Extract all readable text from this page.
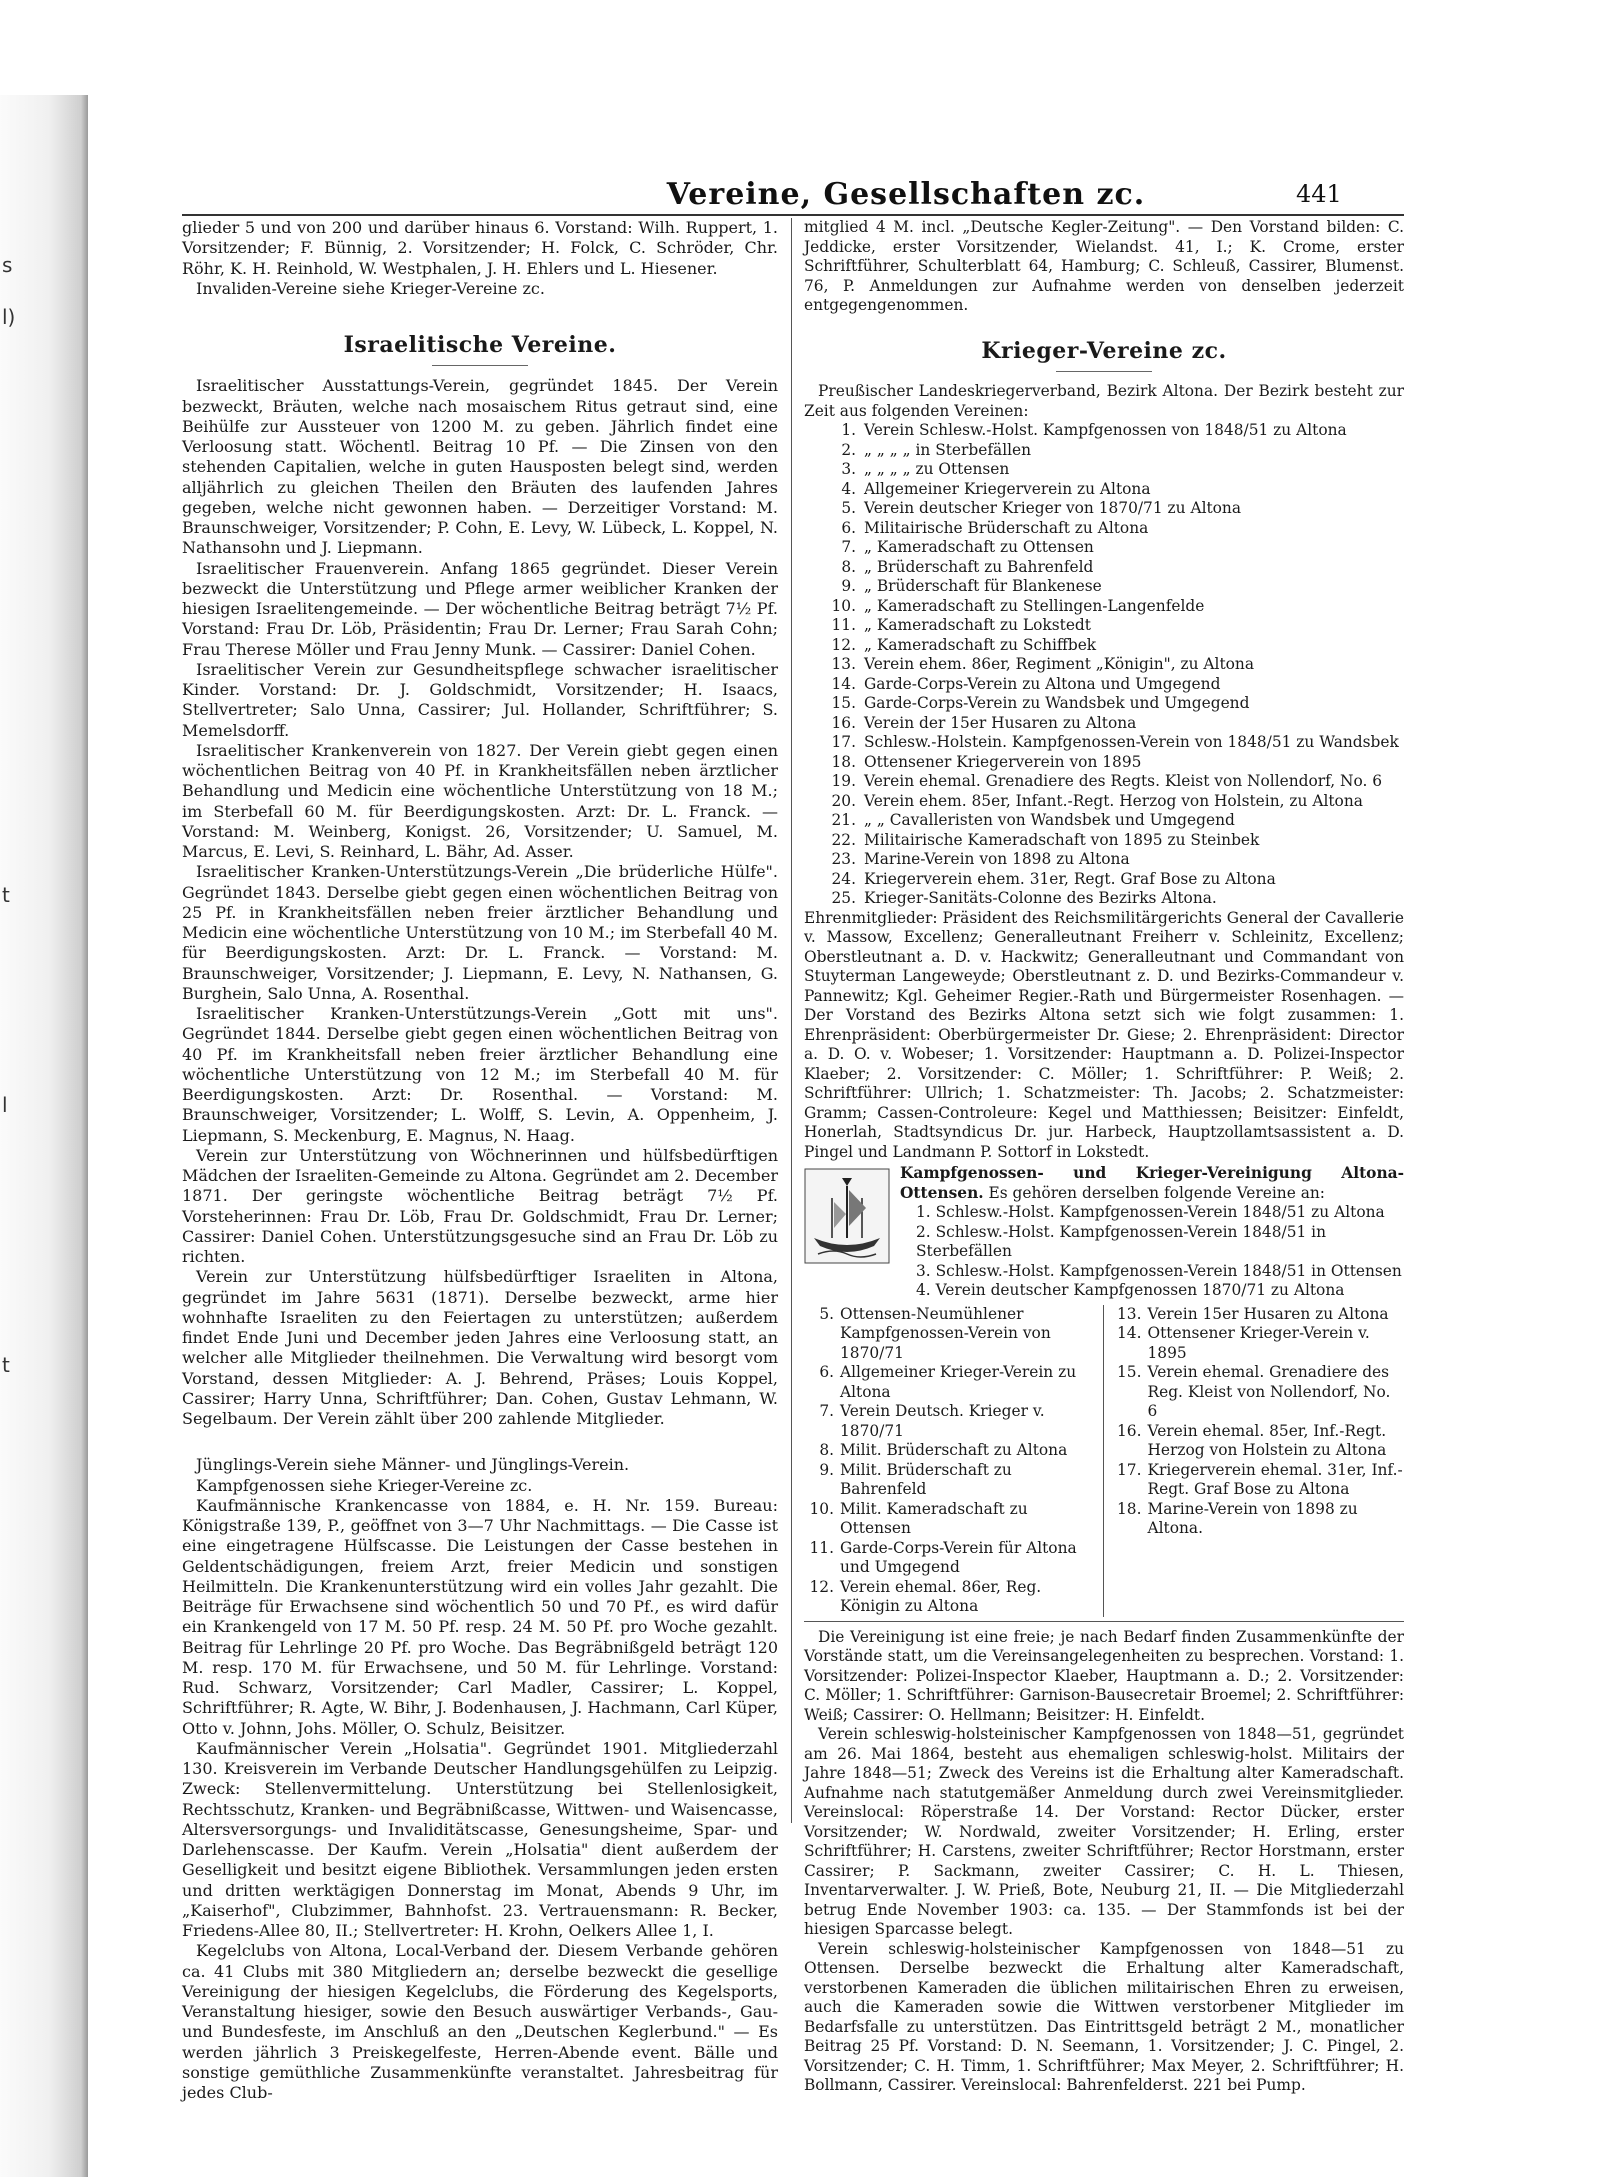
s
l)
t
l
t
Vereine, Gesellschaften zc.	441

glieder 5 und von 200 und darüber hinaus 6. Vorstand: Wilh. Ruppert, 1. Vorsitzender; F. Bünnig, 2. Vorsitzender; H. Folck, C. Schröder, Chr. Röhr, K. H. Reinhold, W. Westphalen, J. H. Ehlers und L. Hiesener.

Invaliden-Vereine siehe Krieger-Vereine zc.

Israelitische Vereine.

Israelitischer Ausstattungs-Verein, gegründet 1845. Der Verein bezweckt, Bräuten, welche nach mosaischem Ritus getraut sind, eine Beihülfe zur Aussteuer von 1200 M. zu geben. Jährlich findet eine Verloosung statt. Wöchentl. Beitrag 10 Pf. — Die Zinsen von den stehenden Capitalien, welche in guten Hausposten belegt sind, werden alljährlich zu gleichen Theilen den Bräuten des laufenden Jahres gegeben, welche nicht gewonnen haben. — Derzeitiger Vorstand: M. Braunschweiger, Vorsitzender; P. Cohn, E. Levy, W. Lübeck, L. Koppel, N. Nathansohn und J. Liepmann.

Israelitischer Frauenverein. Anfang 1865 gegründet. Dieser Verein bezweckt die Unterstützung und Pflege armer weiblicher Kranken der hiesigen Israelitengemeinde. — Der wöchentliche Beitrag beträgt 7½ Pf. Vorstand: Frau Dr. Löb, Präsidentin; Frau Dr. Lerner; Frau Sarah Cohn; Frau Therese Möller und Frau Jenny Munk. — Cassirer: Daniel Cohen.

Israelitischer Verein zur Gesundheitspflege schwacher israelitischer Kinder. Vorstand: Dr. J. Goldschmidt, Vorsitzender; H. Isaacs, Stellvertreter; Salo Unna, Cassirer; Jul. Hollander, Schriftführer; S. Memelsdorff.

Israelitischer Krankenverein von 1827. Der Verein giebt gegen einen wöchentlichen Beitrag von 40 Pf. in Krankheitsfällen neben ärztlicher Behandlung und Medicin eine wöchentliche Unterstützung von 18 M.; im Sterbefall 60 M. für Beerdigungskosten. Arzt: Dr. L. Franck. — Vorstand: M. Weinberg, Konigst. 26, Vorsitzender; U. Samuel, M. Marcus, E. Levi, S. Reinhard, L. Bähr, Ad. Asser.

Israelitischer Kranken-Unterstützungs-Verein „Die brüderliche Hülfe". Gegründet 1843. Derselbe giebt gegen einen wöchentlichen Beitrag von 25 Pf. in Krankheitsfällen neben freier ärztlicher Behandlung und Medicin eine wöchentliche Unterstützung von 10 M.; im Sterbefall 40 M. für Beerdigungskosten. Arzt: Dr. L. Franck. — Vorstand: M. Braunschweiger, Vorsitzender; J. Liepmann, E. Levy, N. Nathansen, G. Burghein, Salo Unna, A. Rosenthal.

Israelitischer Kranken-Unterstützungs-Verein „Gott mit uns". Gegründet 1844. Derselbe giebt gegen einen wöchentlichen Beitrag von 40 Pf. im Krankheitsfall neben freier ärztlicher Behandlung eine wöchentliche Unterstützung von 12 M.; im Sterbefall 40 M. für Beerdigungskosten. Arzt: Dr. Rosenthal. — Vorstand: M. Braunschweiger, Vorsitzender; L. Wolff, S. Levin, A. Oppenheim, J. Liepmann, S. Meckenburg, E. Magnus, N. Haag.

Verein zur Unterstützung von Wöchnerinnen und hülfsbedürftigen Mädchen der Israeliten-Gemeinde zu Altona. Gegründet am 2. December 1871. Der geringste wöchentliche Beitrag beträgt 7½ Pf. Vorsteherinnen: Frau Dr. Löb, Frau Dr. Goldschmidt, Frau Dr. Lerner; Cassirer: Daniel Cohen. Unterstützungsgesuche sind an Frau Dr. Löb zu richten.

Verein zur Unterstützung hülfsbedürftiger Israeliten in Altona, gegründet im Jahre 5631 (1871). Derselbe bezweckt, arme hier wohnhafte Israeliten zu den Feiertagen zu unterstützen; außerdem findet Ende Juni und December jeden Jahres eine Verloosung statt, an welcher alle Mitglieder theilnehmen. Die Verwaltung wird besorgt vom Vorstand, dessen Mitglieder: A. J. Behrend, Präses; Louis Koppel, Cassirer; Harry Unna, Schriftführer; Dan. Cohen, Gustav Lehmann, W. Segelbaum. Der Verein zählt über 200 zahlende Mitglieder.

Jünglings-Verein siehe Männer- und Jünglings-Verein.

Kampfgenossen siehe Krieger-Vereine zc.

Kaufmännische Krankencasse von 1884, e. H. Nr. 159. Bureau: Königstraße 139, P., geöffnet von 3—7 Uhr Nachmittags. — Die Casse ist eine eingetragene Hülfscasse. Die Leistungen der Casse bestehen in Geldentschädigungen, freiem Arzt, freier Medicin und sonstigen Heilmitteln. Die Krankenunterstützung wird ein volles Jahr gezahlt. Die Beiträge für Erwachsene sind wöchentlich 50 und 70 Pf., es wird dafür ein Krankengeld von 17 M. 50 Pf. resp. 24 M. 50 Pf. pro Woche gezahlt. Beitrag für Lehrlinge 20 Pf. pro Woche. Das Begräbnißgeld beträgt 120 M. resp. 170 M. für Erwachsene, und 50 M. für Lehrlinge. Vorstand: Rud. Schwarz, Vorsitzender; Carl Madler, Cassirer; L. Koppel, Schriftführer; R. Agte, W. Bihr, J. Bodenhausen, J. Hachmann, Carl Küper, Otto v. Johnn, Johs. Möller, O. Schulz, Beisitzer.

Kaufmännischer Verein „Holsatia". Gegründet 1901. Mitgliederzahl 130. Kreisverein im Verbande Deutscher Handlungsgehülfen zu Leipzig. Zweck: Stellenvermittelung. Unterstützung bei Stellenlosigkeit, Rechtsschutz, Kranken- und Begräbnißcasse, Wittwen- und Waisencasse, Altersversorgungs- und Invaliditätscasse, Genesungsheime, Spar- und Darlehenscasse. Der Kaufm. Verein „Holsatia" dient außerdem der Geselligkeit und besitzt eigene Bibliothek. Versammlungen jeden ersten und dritten werktägigen Donnerstag im Monat, Abends 9 Uhr, im „Kaiserhof", Clubzimmer, Bahnhofst. 23. Vertrauensmann: R. Becker, Friedens-Allee 80, II.; Stellvertreter: H. Krohn, Oelkers Allee 1, I.

Kegelclubs von Altona, Local-Verband der. Diesem Verbande gehören ca. 41 Clubs mit 380 Mitgliedern an; derselbe bezweckt die gesellige Vereinigung der hiesigen Kegelclubs, die Förderung des Kegelsports, Veranstaltung hiesiger, sowie den Besuch auswärtiger Verbands-, Gau- und Bundesfeste, im Anschluß an den „Deutschen Keglerbund." — Es werden jährlich 3 Preiskegelfeste, Herren-Abende event. Bälle und sonstige gemüthliche Zusammenkünfte veranstaltet. Jahresbeitrag für jedes Club-

mitglied 4 M. incl. „Deutsche Kegler-Zeitung". — Den Vorstand bilden: C. Jeddicke, erster Vorsitzender, Wielandst. 41, I.; K. Crome, erster Schriftführer, Schulterblatt 64, Hamburg; C. Schleuß, Cassirer, Blumenst. 76, P. Anmeldungen zur Aufnahme werden von denselben jederzeit entgegengenommen.

Krieger-Vereine zc.

Preußischer Landeskriegerverband, Bezirk Altona. Der Bezirk besteht zur Zeit aus folgenden Vereinen:

1. Verein Schlesw.-Holst. Kampfgenossen von 1848/51 zu Altona
2. „ „ „ „ in Sterbefällen
3. „ „ „ „ zu Ottensen
4. Allgemeiner Kriegerverein zu Altona
5. Verein deutscher Krieger von 1870/71 zu Altona
6. Militairische Brüderschaft zu Altona
7. „ Kameradschaft zu Ottensen
8. „ Brüderschaft zu Bahrenfeld
9. „ Brüderschaft für Blankenese
10. „ Kameradschaft zu Stellingen-Langenfelde
11. „ Kameradschaft zu Lokstedt
12. „ Kameradschaft zu Schiffbek
13. Verein ehem. 86er, Regiment „Königin", zu Altona
14. Garde-Corps-Verein zu Altona und Umgegend
15. Garde-Corps-Verein zu Wandsbek und Umgegend
16. Verein der 15er Husaren zu Altona
17. Schlesw.-Holstein. Kampfgenossen-Verein von 1848/51 zu Wandsbek
18. Ottensener Kriegerverein von 1895
19. Verein ehemal. Grenadiere des Regts. Kleist von Nollendorf, No. 6
20. Verein ehem. 85er, Infant.-Regt. Herzog von Holstein, zu Altona
21. „ „ Cavalleristen von Wandsbek und Umgegend
22. Militairische Kameradschaft von 1895 zu Steinbek
23. Marine-Verein von 1898 zu Altona
24. Kriegerverein ehem. 31er, Regt. Graf Bose zu Altona
25. Krieger-Sanitäts-Colonne des Bezirks Altona.

Ehrenmitglieder: Präsident des Reichsmilitärgerichts General der Cavallerie v. Massow, Excellenz; Generalleutnant Freiherr v. Schleinitz, Excellenz; Oberstleutnant a. D. v. Hackwitz; Generalleutnant und Commandant von Stuyterman Langeweyde; Oberstleutnant z. D. und Bezirks-Commandeur v. Pannewitz; Kgl. Geheimer Regier.-Rath und Bürgermeister Rosenhagen. — Der Vorstand des Bezirks Altona setzt sich wie folgt zusammen: 1. Ehrenpräsident: Oberbürgermeister Dr. Giese; 2. Ehrenpräsident: Director a. D. O. v. Wobeser; 1. Vorsitzender: Hauptmann a. D. Polizei-Inspector Klaeber; 2. Vorsitzender: C. Möller; 1. Schriftführer: P. Weiß; 2. Schriftführer: Ullrich; 1. Schatzmeister: Th. Jacobs; 2. Schatzmeister: Gramm; Cassen-Controleure: Kegel und Matthiessen; Beisitzer: Einfeldt, Honerlah, Stadtsyndicus Dr. jur. Harbeck, Hauptzollamtsassistent a. D. Pingel und Landmann P. Sottorf in Lokstedt.

Kampfgenossen- und Krieger-Vereinigung Altona-Ottensen. Es gehören derselben folgende Vereine an:

1. Schlesw.-Holst. Kampfgenossen-Verein 1848/51 zu Altona
2. Schlesw.-Holst. Kampfgenossen-Verein 1848/51 in Sterbefällen
3. Schlesw.-Holst. Kampfgenossen-Verein 1848/51 in Ottensen
4. Verein deutscher Kampfgenossen 1870/71 zu Altona
5. Ottensen-Neumühlener Kampfgenossen-Verein von 1870/71
6. Allgemeiner Krieger-Verein zu Altona
7. Verein Deutsch. Krieger v. 1870/71
8. Milit. Brüderschaft zu Altona
9. Milit. Brüderschaft zu Bahrenfeld
10. Milit. Kameradschaft zu Ottensen
11. Garde-Corps-Verein für Altona und Umgegend
12. Verein ehemal. 86er, Reg. Königin zu Altona
13. Verein 15er Husaren zu Altona
14. Ottensener Krieger-Verein v. 1895
15. Verein ehemal. Grenadiere des Reg. Kleist von Nollendorf, No. 6
16. Verein ehemal. 85er, Inf.-Regt. Herzog von Holstein zu Altona
17. Kriegerverein ehemal. 31er, Inf.-Regt. Graf Bose zu Altona
18. Marine-Verein von 1898 zu Altona.

Die Vereinigung ist eine freie; je nach Bedarf finden Zusammenkünfte der Vorstände statt, um die Vereinsangelegenheiten zu besprechen. Vorstand: 1. Vorsitzender: Polizei-Inspector Klaeber, Hauptmann a. D.; 2. Vorsitzender: C. Möller; 1. Schriftführer: Garnison-Bausecretair Broemel; 2. Schriftführer: Weiß; Cassirer: O. Hellmann; Beisitzer: H. Einfeldt.

Verein schleswig-holsteinischer Kampfgenossen von 1848—51, gegründet am 26. Mai 1864, besteht aus ehemaligen schleswig-holst. Militairs der Jahre 1848—51; Zweck des Vereins ist die Erhaltung alter Kameradschaft. Aufnahme nach statutgemäßer Anmeldung durch zwei Vereinsmitglieder. Vereinslocal: Röperstraße 14. Der Vorstand: Rector Dücker, erster Vorsitzender; W. Nordwald, zweiter Vorsitzender; H. Erling, erster Schriftführer; H. Carstens, zweiter Schriftführer; Rector Horstmann, erster Cassirer; P. Sackmann, zweiter Cassirer; C. H. L. Thiesen, Inventarverwalter. J. W. Prieß, Bote, Neuburg 21, II. — Die Mitgliederzahl betrug Ende November 1903: ca. 135. — Der Stammfonds ist bei der hiesigen Sparcasse belegt.

Verein schleswig-holsteinischer Kampfgenossen von 1848—51 zu Ottensen. Derselbe bezweckt die Erhaltung alter Kameradschaft, verstorbenen Kameraden die üblichen militairischen Ehren zu erweisen, auch die Kameraden sowie die Wittwen verstorbener Mitglieder im Bedarfsfalle zu unterstützen. Das Eintrittsgeld beträgt 2 M., monatlicher Beitrag 25 Pf. Vorstand: D. N. Seemann, 1. Vorsitzender; J. C. Pingel, 2. Vorsitzender; C. H. Timm, 1. Schriftführer; Max Meyer, 2. Schriftführer; H. Bollmann, Cassirer. Vereinslocal: Bahrenfelderst. 221 bei Pump.
